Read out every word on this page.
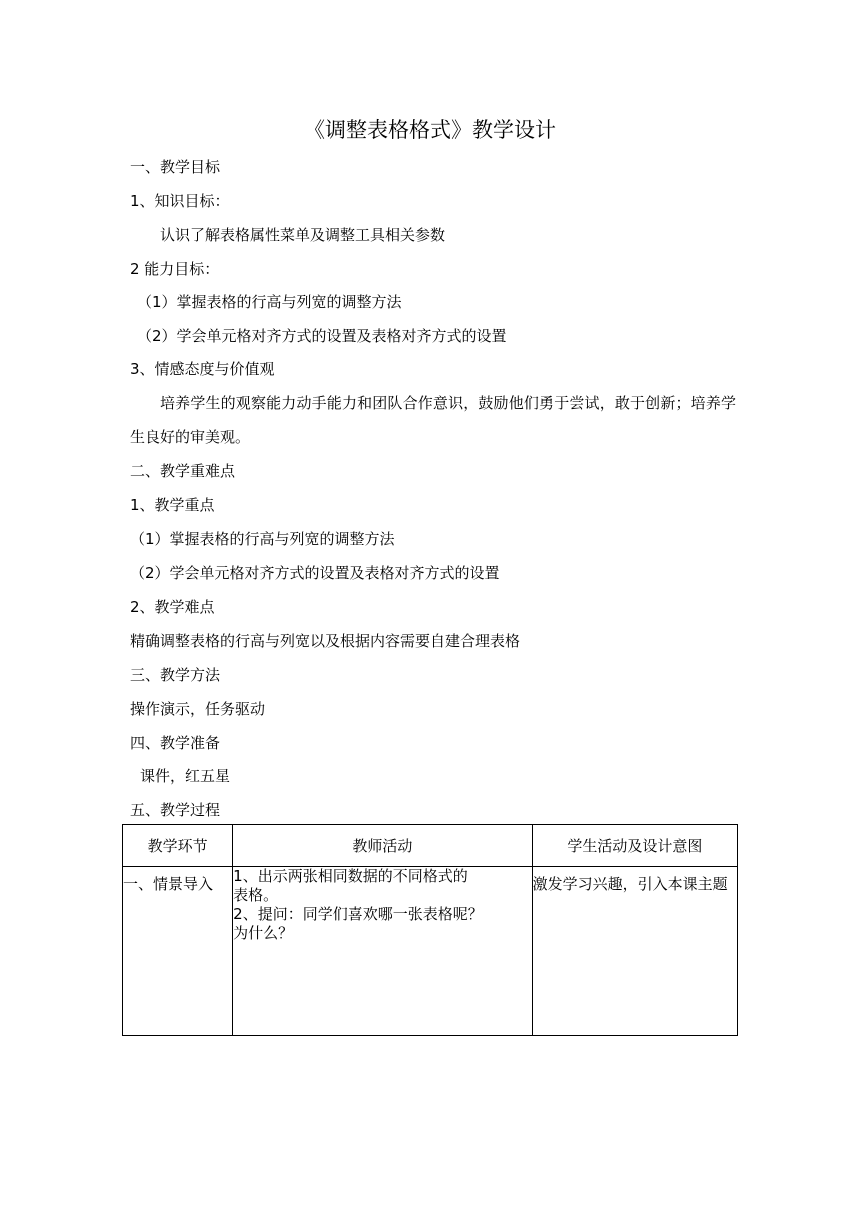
《调整表格格式》教学设计
一、教学目标
1、知识目标：
认识了解表格属性菜单及调整工具相关参数
2 能力目标：
（1）掌握表格的行高与列宽的调整方法
（2）学会单元格对齐方式的设置及表格对齐方式的设置
3、情感态度与价值观
培养学生的观察能力动手能力和团队合作意识，鼓励他们勇于尝试，敢于创新；培养学生良好的审美观。
二、教学重难点
1、教学重点
（1）掌握表格的行高与列宽的调整方法
（2）学会单元格对齐方式的设置及表格对齐方式的设置
2、教学难点
精确调整表格的行高与列宽以及根据内容需要自建合理表格
三、教学方法
操作演示，任务驱动
四、教学准备
课件，红五星
五、教学过程
教学环节	教师活动	学生活动及设计意图
一、情景导入	1、出示两张相同数据的不同格式的
表格。
2、提问：同学们喜欢哪一张表格呢？
为什么？	激发学习兴趣，引入本课主题
